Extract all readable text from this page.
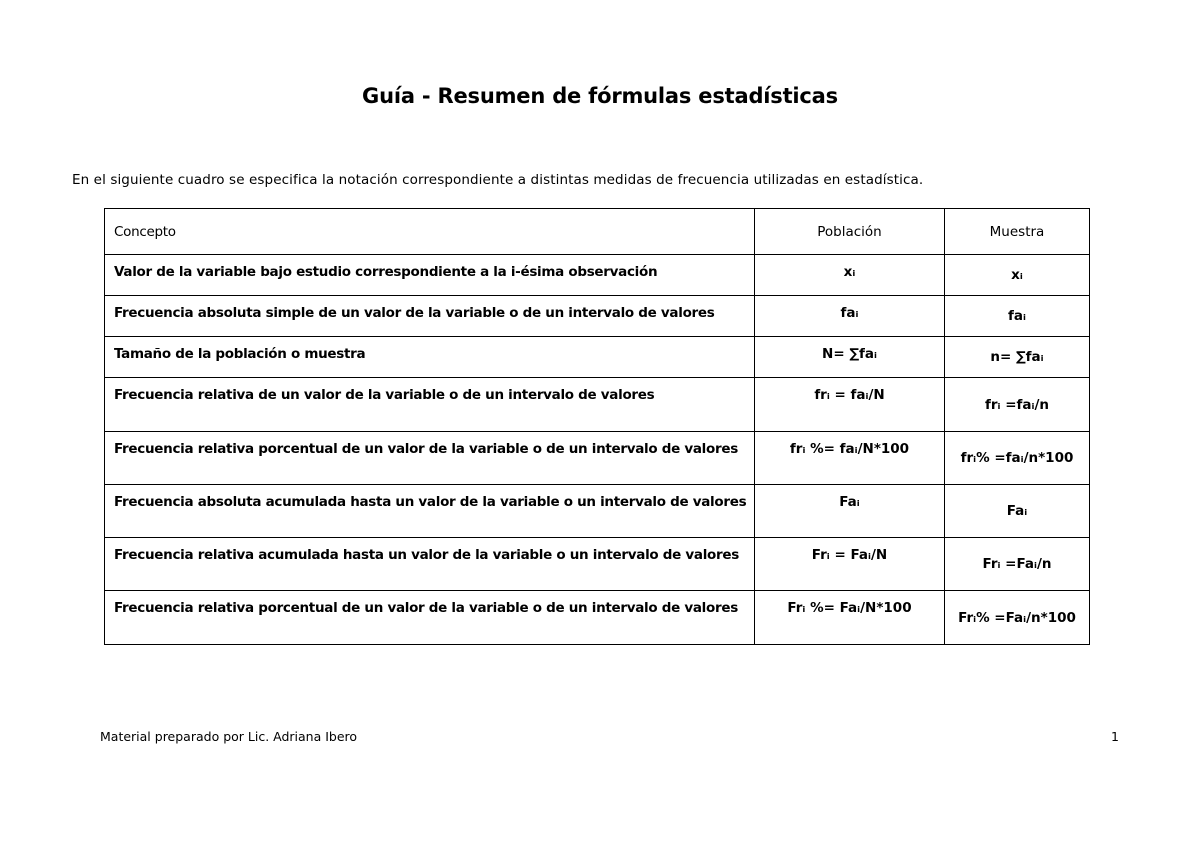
Guía - Resumen de fórmulas estadísticas
En el siguiente cuadro se especifica la notación correspondiente a distintas medidas de frecuencia utilizadas en estadística.
Concepto	Población	Muestra
Valor de la variable bajo estudio correspondiente a la i-ésima observación	xᵢ	xᵢ
Frecuencia absoluta simple de un valor de la variable o de un intervalo de valores	faᵢ	faᵢ
Tamaño de la población o muestra	N= ∑faᵢ	n= ∑faᵢ
Frecuencia relativa de un valor de la variable o de un intervalo de valores	frᵢ = faᵢ/N	frᵢ =faᵢ/n
Frecuencia relativa porcentual de un valor de la variable o de un intervalo de valores	frᵢ %= faᵢ/N*100	frᵢ% =faᵢ/n*100
Frecuencia absoluta acumulada hasta un valor de la variable o un intervalo de valores	Faᵢ	Faᵢ
Frecuencia relativa acumulada hasta un valor de la variable o un intervalo de valores	Frᵢ = Faᵢ/N	Frᵢ =Faᵢ/n
Frecuencia relativa porcentual de un valor de la variable o de un intervalo de valores	Frᵢ %= Faᵢ/N*100	Frᵢ% =Faᵢ/n*100
Material preparado por Lic. Adriana Ibero	1
